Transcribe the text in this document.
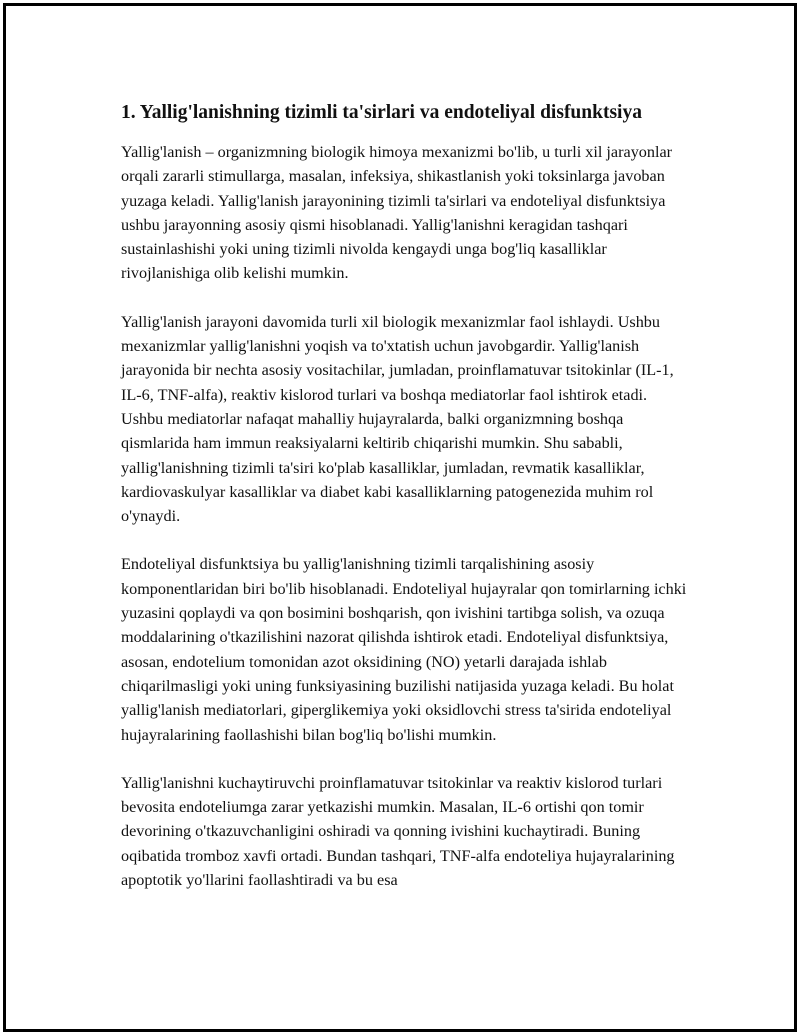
1. Yallig'lanishning tizimli ta'sirlari va endoteliyal disfunktsiya

Yallig'lanish – organizmning biologik himoya mexanizmi bo'lib, u turli xil jarayonlar orqali zararli stimullarga, masalan, infeksiya, shikastlanish yoki toksinlarga javoban yuzaga keladi. Yallig'lanish jarayonining tizimli ta'sirlari va endoteliyal disfunktsiya ushbu jarayonning asosiy qismi hisoblanadi. Yallig'lanishni keragidan tashqari sustainlashishi yoki uning tizimli nivolda kengaydi unga bog'liq kasalliklar rivojlanishiga olib kelishi mumkin.

Yallig'lanish jarayoni davomida turli xil biologik mexanizmlar faol ishlaydi. Ushbu mexanizmlar yallig'lanishni yoqish va to'xtatish uchun javobgardir. Yallig'lanish jarayonida bir nechta asosiy vositachilar, jumladan, proinflamatuvar tsitokinlar (IL-1, IL-6, TNF-alfa), reaktiv kislorod turlari va boshqa mediatorlar faol ishtirok etadi. Ushbu mediatorlar nafaqat mahalliy hujayralarda, balki organizmning boshqa qismlarida ham immun reaksiyalarni keltirib chiqarishi mumkin. Shu sababli, yallig'lanishning tizimli ta'siri ko'plab kasalliklar, jumladan, revmatik kasalliklar, kardiovaskulyar kasalliklar va diabet kabi kasalliklarning patogenezida muhim rol o'ynaydi.

Endoteliyal disfunktsiya bu yallig'lanishning tizimli tarqalishining asosiy komponentlaridan biri bo'lib hisoblanadi. Endoteliyal hujayralar qon tomirlarning ichki yuzasini qoplaydi va qon bosimini boshqarish, qon ivishini tartibga solish, va ozuqa moddalarining o'tkazilishini nazorat qilishda ishtirok etadi. Endoteliyal disfunktsiya, asosan, endotelium tomonidan azot oksidining (NO) yetarli darajada ishlab chiqarilmasligi yoki uning funksiyasining buzilishi natijasida yuzaga keladi. Bu holat yallig'lanish mediatorlari, giperglikemiya yoki oksidlovchi stress ta'sirida endoteliyal hujayralarining faollashishi bilan bog'liq bo'lishi mumkin.

Yallig'lanishni kuchaytiruvchi proinflamatuvar tsitokinlar va reaktiv kislorod turlari bevosita endoteliumga zarar yetkazishi mumkin. Masalan, IL-6 ortishi qon tomir devorining o'tkazuvchanligini oshiradi va qonning ivishini kuchaytiradi. Buning oqibatida tromboz xavfi ortadi. Bundan tashqari, TNF-alfa endoteliya hujayralarining apoptotik yo'llarini faollashtiradi va bu esa
